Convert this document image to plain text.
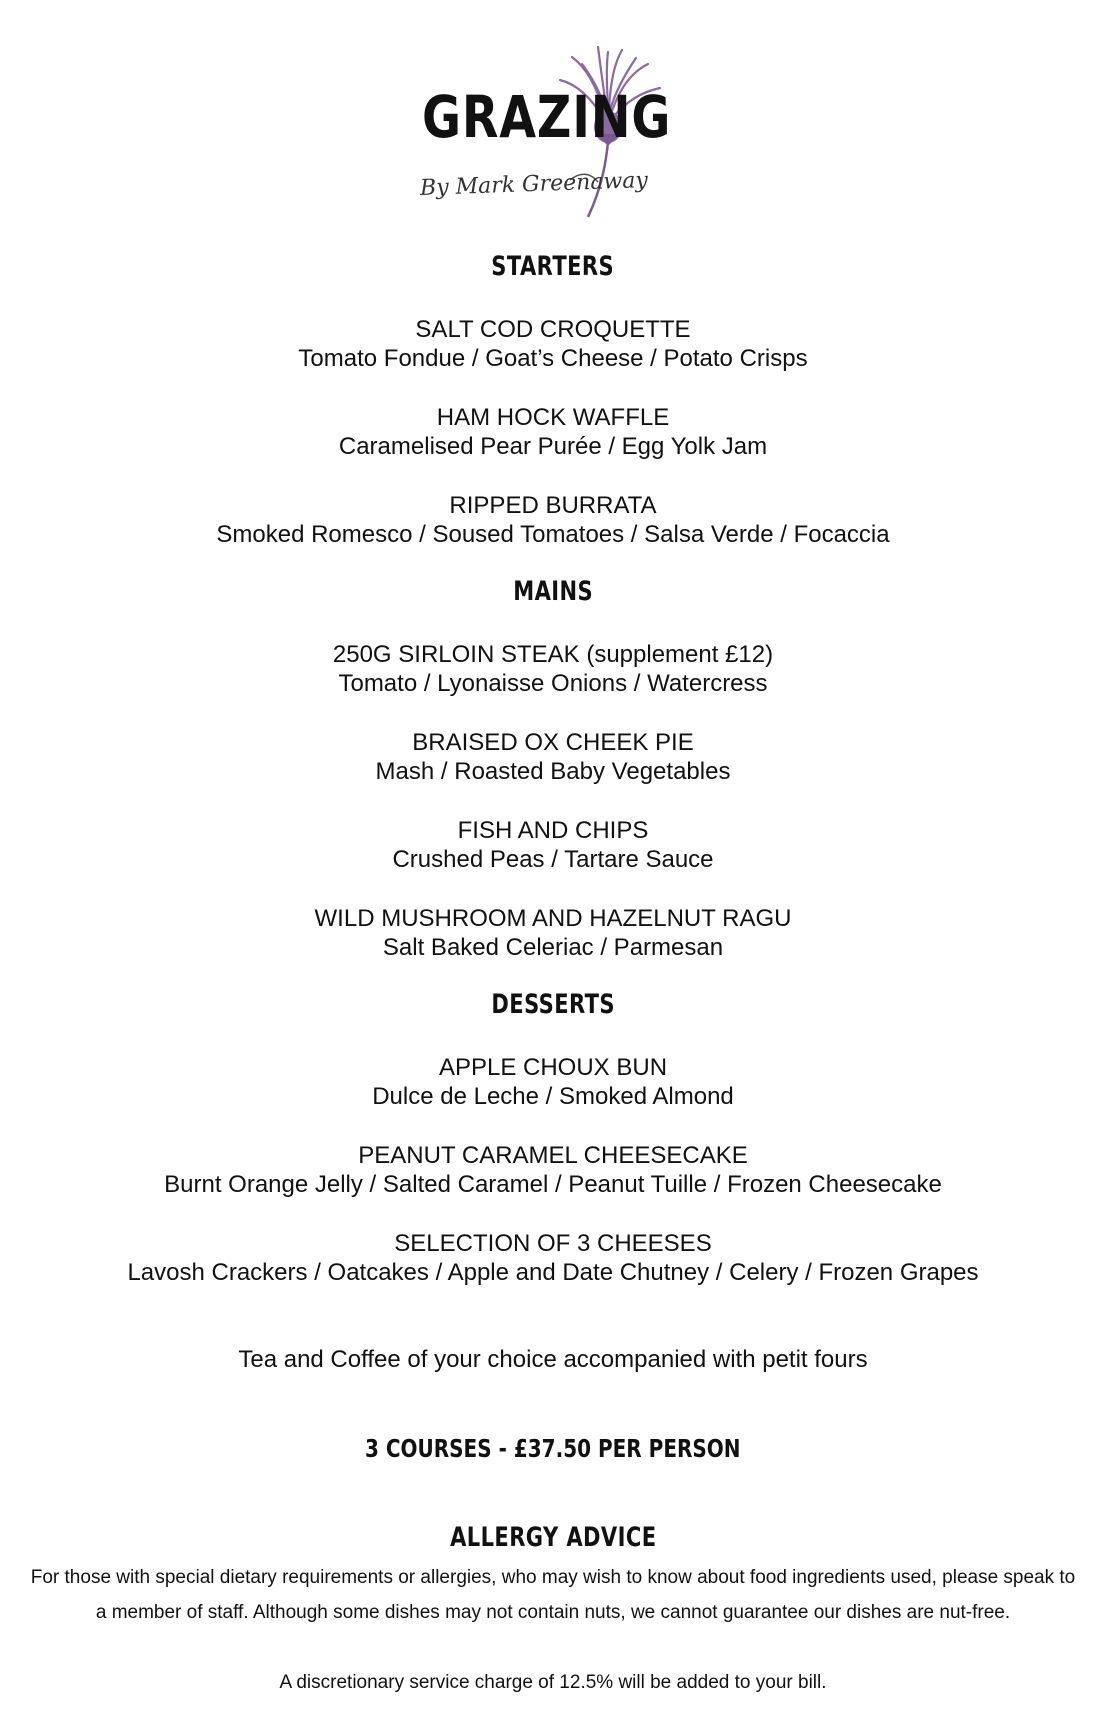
GRAZING
By Mark Greenaway
STARTERS
SALT COD CROQUETTE
Tomato Fondue / Goat’s Cheese / Potato Crisps
HAM HOCK WAFFLE
Caramelised Pear Purée / Egg Yolk Jam
RIPPED BURRATA
Smoked Romesco / Soused Tomatoes / Salsa Verde / Focaccia
MAINS
250G SIRLOIN STEAK (supplement £12)
Tomato / Lyonaisse Onions / Watercress
BRAISED OX CHEEK PIE
Mash / Roasted Baby Vegetables
FISH AND CHIPS
Crushed Peas / Tartare Sauce
WILD MUSHROOM AND HAZELNUT RAGU
Salt Baked Celeriac / Parmesan
DESSERTS
APPLE CHOUX BUN
Dulce de Leche / Smoked Almond
PEANUT CARAMEL CHEESECAKE
Burnt Orange Jelly / Salted Caramel / Peanut Tuille / Frozen Cheesecake
SELECTION OF 3 CHEESES
Lavosh Crackers / Oatcakes / Apple and Date Chutney / Celery / Frozen Grapes
Tea and Coffee of your choice accompanied with petit fours
3 COURSES - £37.50 PER PERSON
ALLERGY ADVICE
For those with special dietary requirements or allergies, who may wish to know about food ingredients used, please speak to
a member of staff. Although some dishes may not contain nuts, we cannot guarantee our dishes are nut-free.
A discretionary service charge of 12.5% will be added to your bill.
